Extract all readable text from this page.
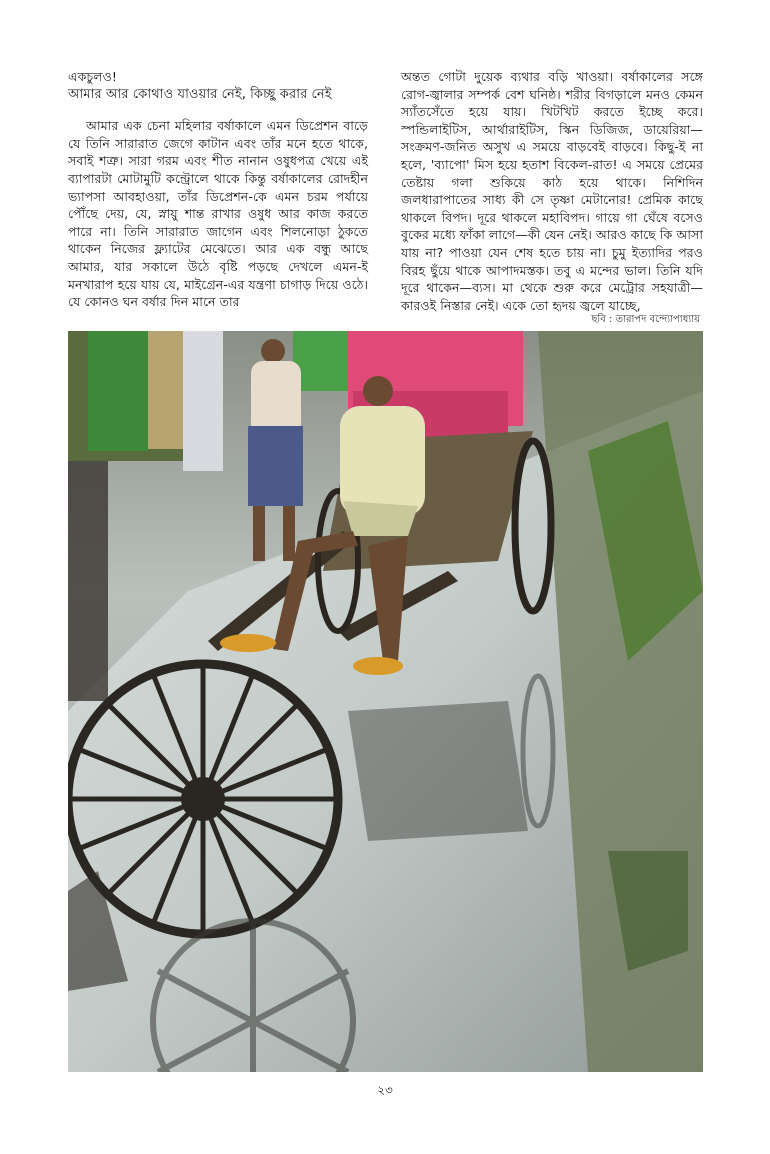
একচুলও!

আমার আর কোথাও যাওয়ার নেই, কিচ্ছু করার নেই

আমার এক চেনা মহিলার বর্ষাকালে এমন ডিপ্রেশন বাড়ে যে তিনি সারারাত জেগে কাটান এবং তাঁর মনে হতে থাকে, সবাই শত্রু। সারা গরম এবং শীত নানান ওষুধপত্র খেয়ে এই ব্যাপারটা মোটামুটি কন্ট্রোলে থাকে কিন্তু বর্ষাকালের রোদহীন ভ্যাপসা আবহাওয়া, তাঁর ডিপ্রেশন-কে এমন চরম পর্যায়ে পৌঁছে দেয়, যে, স্নায়ু শান্ত রাখার ওষুধ আর কাজ করতে পারে না। তিনি সারারাত জাগেন এবং শিলনোড়া ঠুকতে থাকেন নিজের ফ্ল্যাটের মেঝেতে। আর এক বন্ধু আছে আমার, যার সকালে উঠে বৃষ্টি পড়ছে দেখলে এমন-ই মনখারাপ হয়ে যায় যে, মাইগ্রেন-এর যন্ত্রণা চাগাড় দিয়ে ওঠে। যে কোনও ঘন বর্ষার দিন মানে তার

অন্তত গোটা দুয়েক ব্যথার বড়ি খাওয়া। বর্ষাকালের সঙ্গে রোগ-জ্বালার সম্পর্ক বেশ ঘনিষ্ঠ। শরীর বিগড়ালে মনও কেমন স্যাঁতসেঁতে হয়ে যায়। খিটখিট করতে ইচ্ছে করে। স্পন্ডিলাইটিস, আর্থারাইটিস, স্কিন ডিজিজ, ডায়েরিয়া—সংক্রমণ-জনিত অসুখ এ সময়ে বাড়বেই বাড়বে। কিছু-ই না হলে, 'ব্যাপো' মিস হয়ে হতাশ বিকেল-রাত! এ সময়ে প্রেমের তেষ্টায় গলা শুকিয়ে কাঠ হয়ে থাকে। নিশিদিন জলধারাপাতের সাধ্য কী সে তৃষ্ণা মেটানোর! প্রেমিক কাছে থাকলে বিপদ। দূরে থাকলে মহাবিপদ। গায়ে গা ঘেঁষে বসেও বুকের মধ্যে ফাঁকা লাগে—কী যেন নেই। আরও কাছে কি আসা যায় না? পাওয়া যেন শেষ হতে চায় না। চুমু ইত্যাদির পরও বিরহ ছুঁয়ে থাকে আপাদমস্তক। তবু এ মন্দের ভাল। তিনি যদি দূরে থাকেন—ব্যস। মা থেকে শুরু করে মেট্রোর সহযাত্রী—কারওই নিস্তার নেই। একে তো হৃদয় জ্বলে যাচ্ছে,

ছবি : তারাপদ বন্দ্যোপাধ্যায়
২৩
